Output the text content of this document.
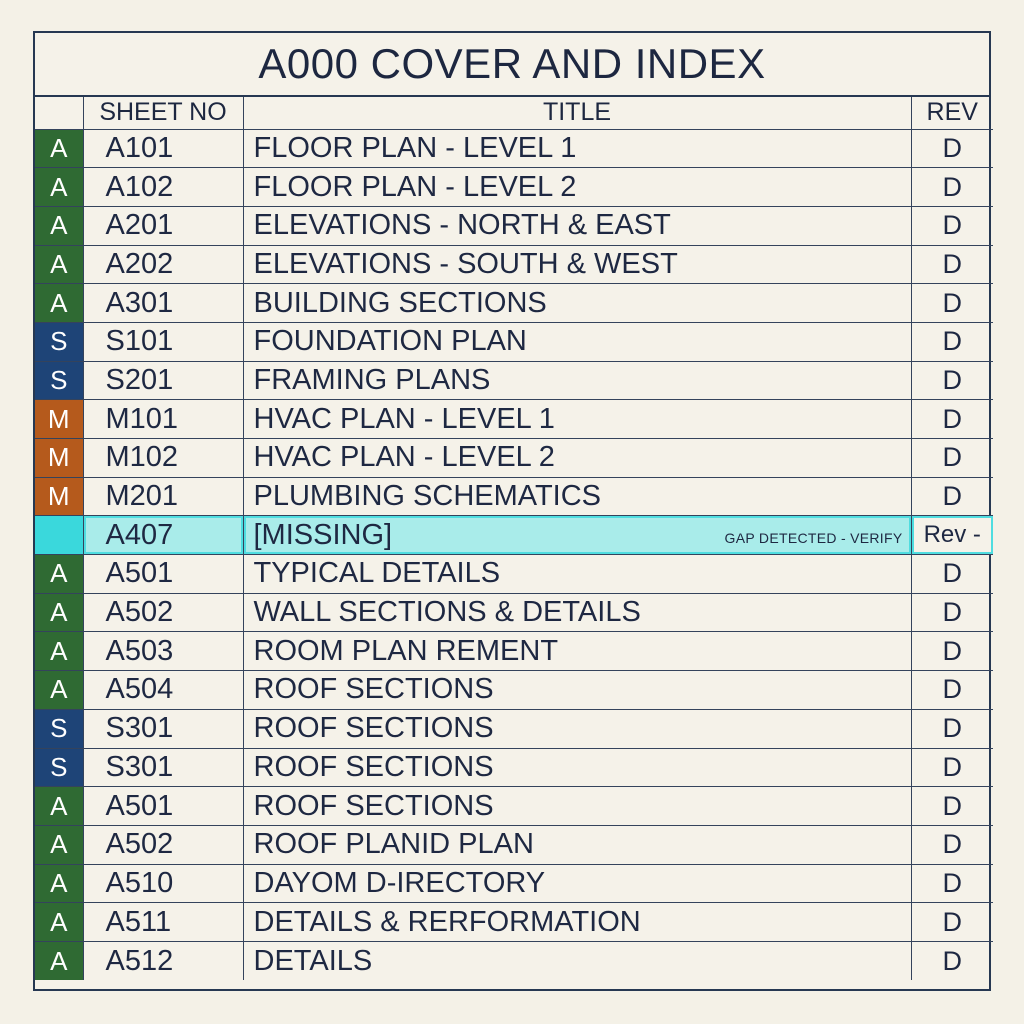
A000 COVER AND INDEX
	SHEET NO	TITLE	REV
A	A101	FLOOR PLAN - LEVEL 1	D
A	A102	FLOOR PLAN - LEVEL 2	D
A	A201	ELEVATIONS - NORTH & EAST	D
A	A202	ELEVATIONS - SOUTH & WEST	D
A	A301	BUILDING SECTIONS	D
S	S101	FOUNDATION PLAN	D
S	S201	FRAMING PLANS	D
M	M101	HVAC PLAN - LEVEL 1	D
M	M102	HVAC PLAN - LEVEL 2	D
M	M201	PLUMBING SCHEMATICS	D
	A407	[MISSING] GAP DETECTED - VERIFY	Rev -
A	A501	TYPICAL DETAILS	D
A	A502	WALL SECTIONS & DETAILS	D
A	A503	ROOM PLAN REMENT	D
A	A504	ROOF SECTIONS	D
S	S301	ROOF SECTIONS	D
S	S301	ROOF SECTIONS	D
A	A501	ROOF SECTIONS	D
A	A502	ROOF PLANID PLAN	D
A	A510	DAYOM D-IRECTORY	D
A	A511	DETAILS & RERFORMATION	D
A	A512	DETAILS	D
